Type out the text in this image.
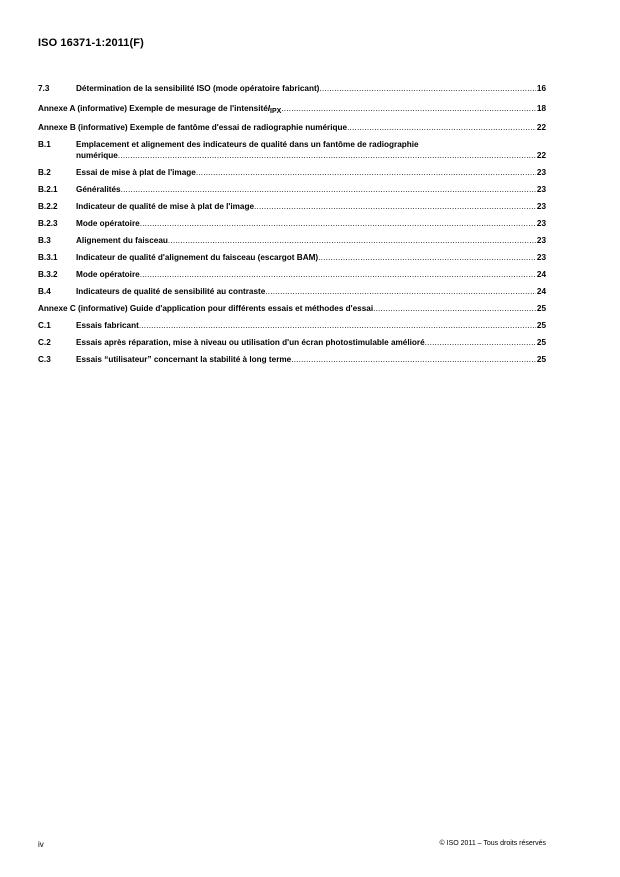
ISO 16371-1:2011(F)
7.3	Détermination de la sensibilité ISO (mode opératoire fabricant) .....	16
Annexe A (informative) Exemple de mesurage de l'intensité I IPX .....	18
Annexe B (informative) Exemple de fantôme d'essai de radiographie numérique .....	22
B.1	Emplacement et alignement des indicateurs de qualité dans un fantôme de radiographie
numérique .....	22
B.2	Essai de mise à plat de l'image .....	23
B.2.1	Généralités .....	23
B.2.2	Indicateur de qualité de mise à plat de l'image .....	23
B.2.3	Mode opératoire .....	23
B.3	Alignement du faisceau .....	23
B.3.1	Indicateur de qualité d'alignement du faisceau (escargot BAM) .....	23
B.3.2	Mode opératoire .....	24
B.4	Indicateurs de qualité de sensibilité au contraste .....	24
Annexe C (informative) Guide d'application pour différents essais et méthodes d'essai .....	25
C.1	Essais fabricant .....	25
C.2	Essais après réparation, mise à niveau ou utilisation d'un écran photostimulable amélioré .....	25
C.3	Essais “utilisateur” concernant la stabilité à long terme .....	25
iv	© ISO 2011 – Tous droits réservés
